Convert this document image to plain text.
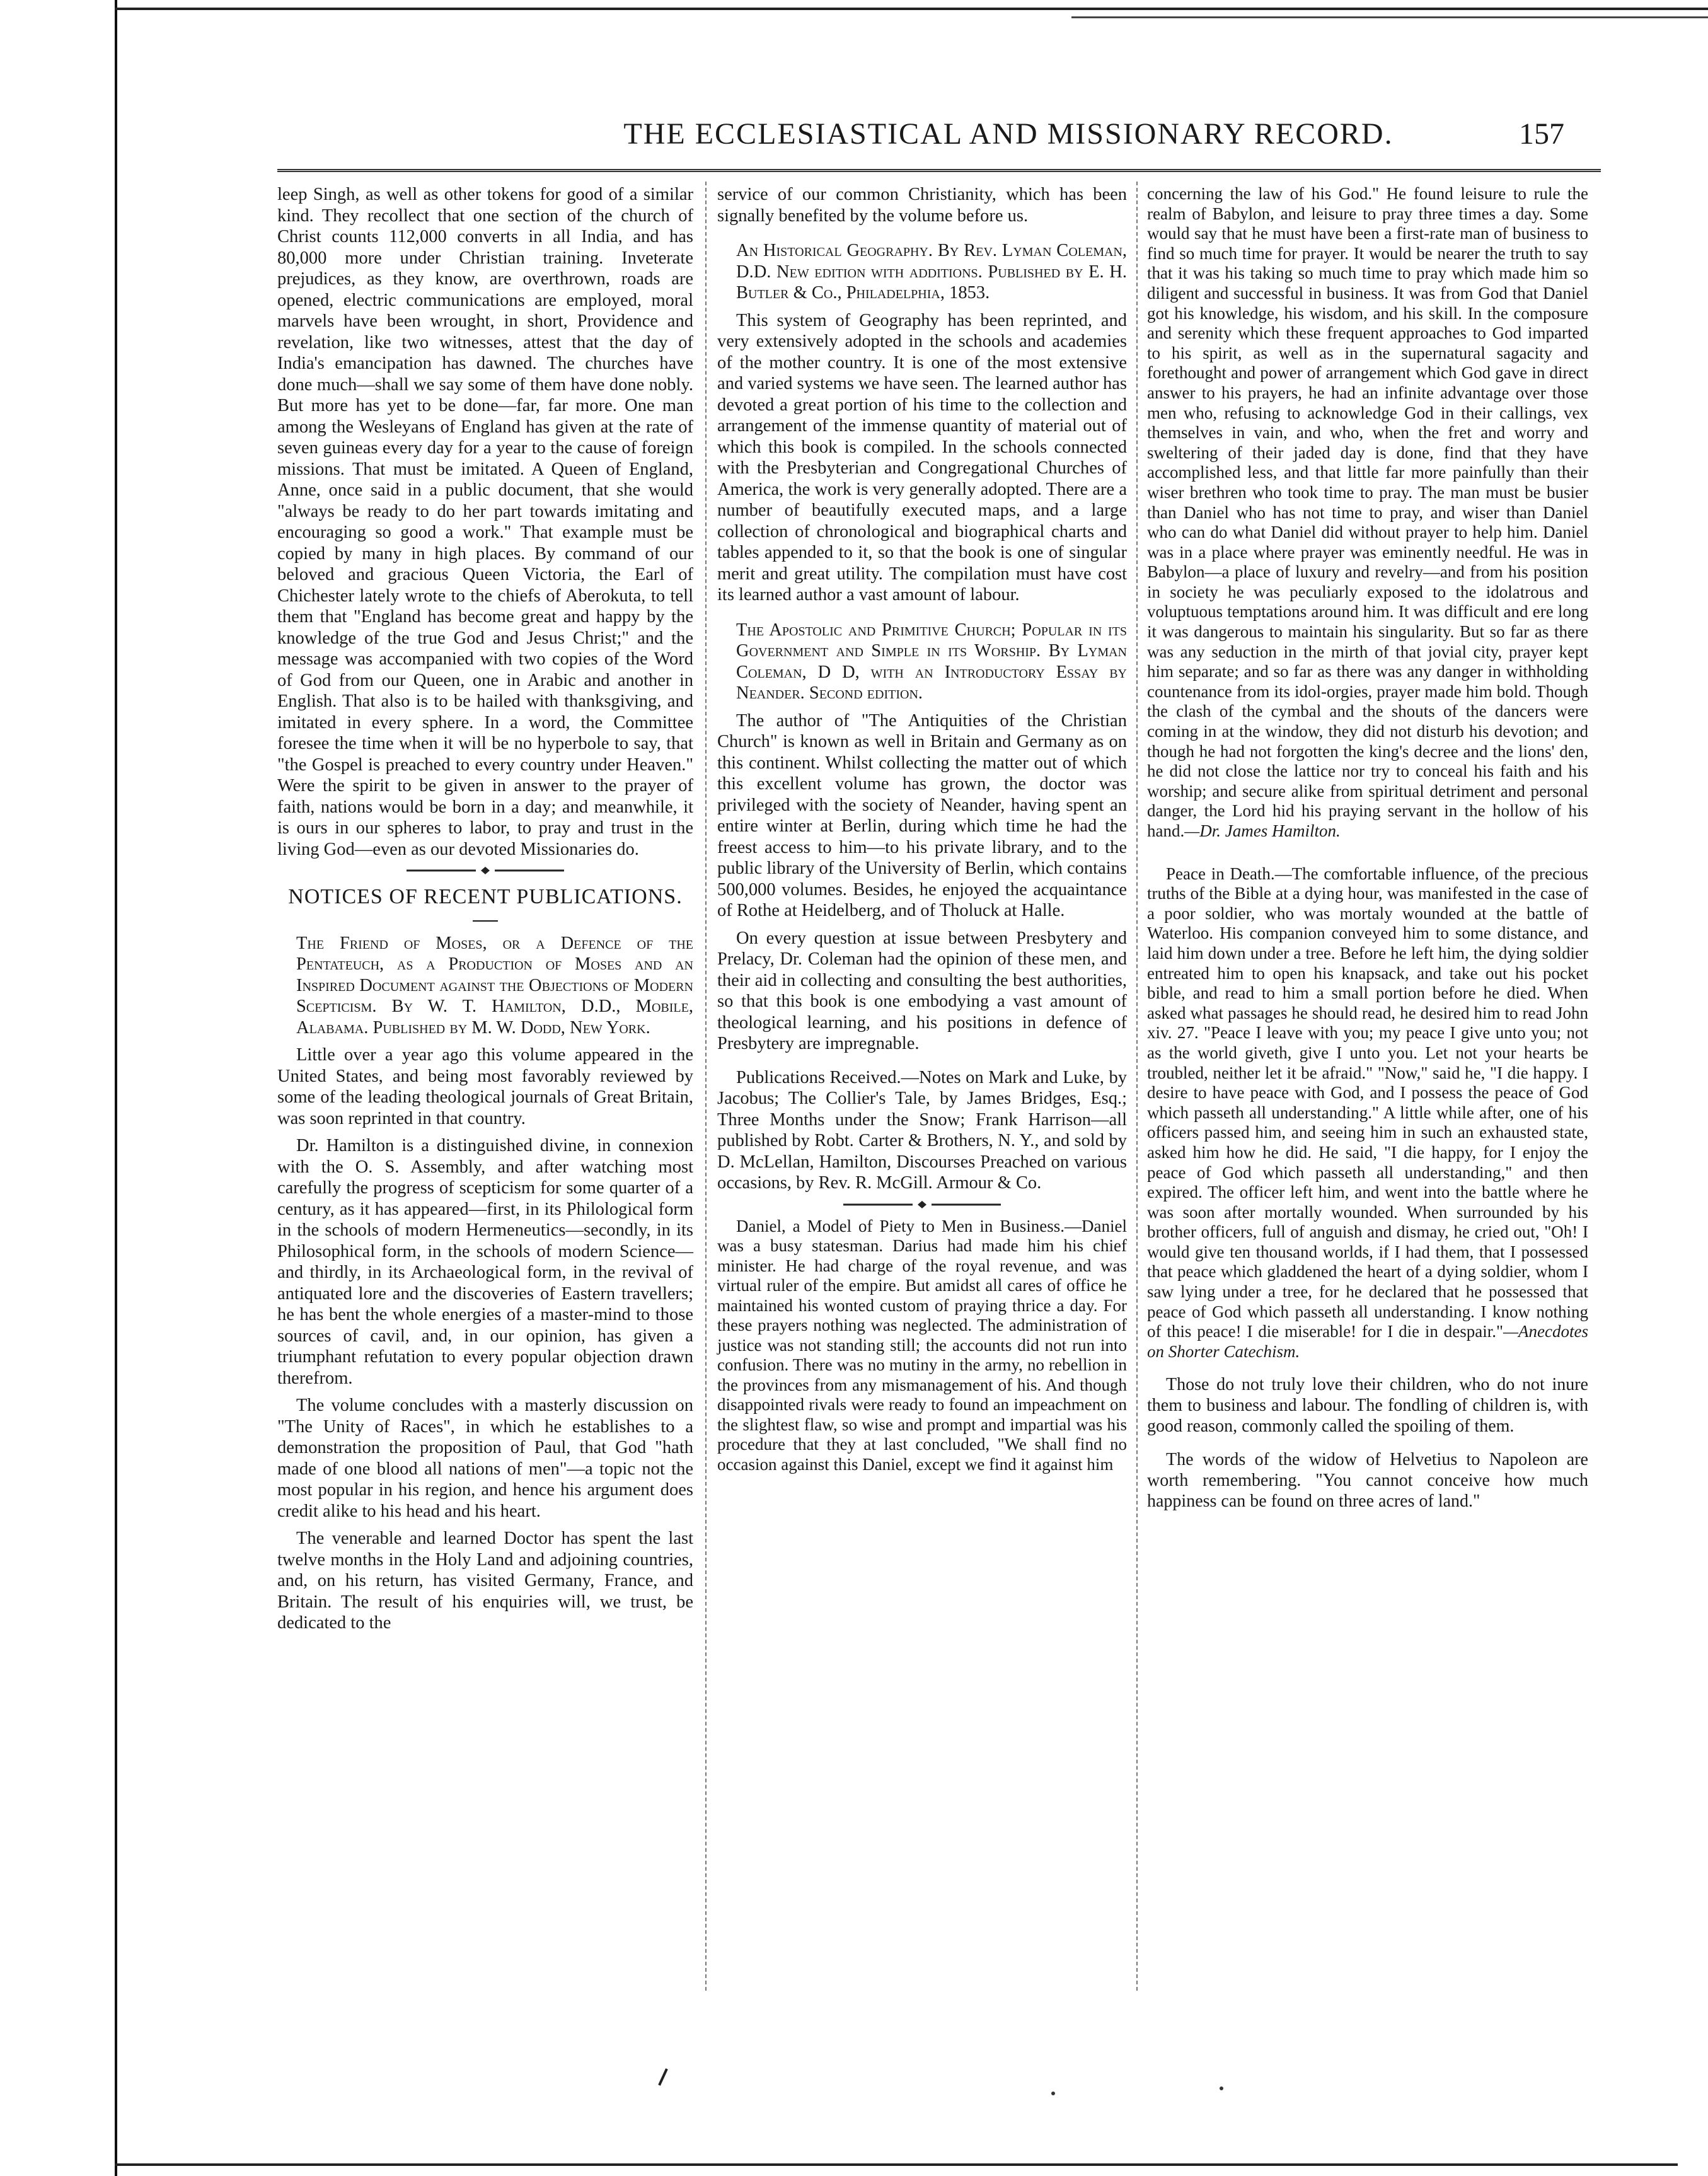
THE ECCLESIASTICAL AND MISSIONARY RECORD.	157

leep Singh, as well as other tokens for good of a similar kind. They recollect that one section of the church of Christ counts 112,000 converts in all India, and has 80,000 more under Christian training. Inveterate prejudices, as they know, are overthrown, roads are opened, electric communications are employed, moral marvels have been wrought, in short, Providence and revelation, like two witnesses, attest that the day of India's emancipation has dawned. The churches have done much—shall we say some of them have done nobly. But more has yet to be done—far, far more. One man among the Wesleyans of England has given at the rate of seven guineas every day for a year to the cause of foreign missions. That must be imitated. A Queen of England, Anne, once said in a public document, that she would "always be ready to do her part towards imitating and encouraging so good a work." That example must be copied by many in high places. By command of our beloved and gracious Queen Victoria, the Earl of Chichester lately wrote to the chiefs of Aberokuta, to tell them that "England has become great and happy by the knowledge of the true God and Jesus Christ;" and the message was accompanied with two copies of the Word of God from our Queen, one in Arabic and another in English. That also is to be hailed with thanksgiving, and imitated in every sphere. In a word, the Committee foresee the time when it will be no hyperbole to say, that "the Gospel is preached to every country under Heaven." Were the spirit to be given in answer to the prayer of faith, nations would be born in a day; and meanwhile, it is ours in our spheres to labor, to pray and trust in the living God—even as our devoted Missionaries do.

NOTICES OF RECENT PUBLICATIONS.

The Friend of Moses, or a Defence of the Pentateuch, as a Production of Moses and an Inspired Document against the Objections of Modern Scepticism. By W. T. Hamilton, D.D., Mobile, Alabama. Published by M. W. Dodd, New York.

Little over a year ago this volume appeared in the United States, and being most favorably reviewed by some of the leading theological journals of Great Britain, was soon reprinted in that country.

Dr. Hamilton is a distinguished divine, in connexion with the O. S. Assembly, and after watching most carefully the progress of scepticism for some quarter of a century, as it has appeared—first, in its Philological form in the schools of modern Hermeneutics—secondly, in its Philosophical form, in the schools of modern Science—and thirdly, in its Archaeological form, in the revival of antiquated lore and the discoveries of Eastern travellers; he has bent the whole energies of a master-mind to those sources of cavil, and, in our opinion, has given a triumphant refutation to every popular objection drawn therefrom.

The volume concludes with a masterly discussion on "The Unity of Races", in which he establishes to a demonstration the proposition of Paul, that God "hath made of one blood all nations of men"—a topic not the most popular in his region, and hence his argument does credit alike to his head and his heart.

The venerable and learned Doctor has spent the last twelve months in the Holy Land and adjoining countries, and, on his return, has visited Germany, France, and Britain. The result of his enquiries will, we trust, be dedicated to the

service of our common Christianity, which has been signally benefited by the volume before us.

An Historical Geography. By Rev. Lyman Coleman, D.D. New edition with additions. Published by E. H. Butler & Co., Philadelphia, 1853.

This system of Geography has been reprinted, and very extensively adopted in the schools and academies of the mother country. It is one of the most extensive and varied systems we have seen. The learned author has devoted a great portion of his time to the collection and arrangement of the immense quantity of material out of which this book is compiled. In the schools connected with the Presbyterian and Congregational Churches of America, the work is very generally adopted. There are a number of beautifully executed maps, and a large collection of chronological and biographical charts and tables appended to it, so that the book is one of singular merit and great utility. The compilation must have cost its learned author a vast amount of labour.

The Apostolic and Primitive Church; Popular in its Government and Simple in its Worship. By Lyman Coleman, D D, with an Introductory Essay by Neander. Second edition.

The author of "The Antiquities of the Christian Church" is known as well in Britain and Germany as on this continent. Whilst collecting the matter out of which this excellent volume has grown, the doctor was privileged with the society of Neander, having spent an entire winter at Berlin, during which time he had the freest access to him—to his private library, and to the public library of the University of Berlin, which contains 500,000 volumes. Besides, he enjoyed the acquaintance of Rothe at Heidelberg, and of Tholuck at Halle.

On every question at issue between Presbytery and Prelacy, Dr. Coleman had the opinion of these men, and their aid in collecting and consulting the best authorities, so that this book is one embodying a vast amount of theological learning, and his positions in defence of Presbytery are impregnable.

Publications Received.—Notes on Mark and Luke, by Jacobus; The Collier's Tale, by James Bridges, Esq.; Three Months under the Snow; Frank Harrison—all published by Robt. Carter & Brothers, N. Y., and sold by D. McLellan, Hamilton, Discourses Preached on various occasions, by Rev. R. McGill. Armour & Co.

Daniel, a Model of Piety to Men in Business.—Daniel was a busy statesman. Darius had made him his chief minister. He had charge of the royal revenue, and was virtual ruler of the empire. But amidst all cares of office he maintained his wonted custom of praying thrice a day. For these prayers nothing was neglected. The administration of justice was not standing still; the accounts did not run into confusion. There was no mutiny in the army, no rebellion in the provinces from any mismanagement of his. And though disappointed rivals were ready to found an impeachment on the slightest flaw, so wise and prompt and impartial was his procedure that they at last concluded, "We shall find no occasion against this Daniel, except we find it against him

concerning the law of his God." He found leisure to rule the realm of Babylon, and leisure to pray three times a day. Some would say that he must have been a first-rate man of business to find so much time for prayer. It would be nearer the truth to say that it was his taking so much time to pray which made him so diligent and successful in business. It was from God that Daniel got his knowledge, his wisdom, and his skill. In the composure and serenity which these frequent approaches to God imparted to his spirit, as well as in the supernatural sagacity and forethought and power of arrangement which God gave in direct answer to his prayers, he had an infinite advantage over those men who, refusing to acknowledge God in their callings, vex themselves in vain, and who, when the fret and worry and sweltering of their jaded day is done, find that they have accomplished less, and that little far more painfully than their wiser brethren who took time to pray. The man must be busier than Daniel who has not time to pray, and wiser than Daniel who can do what Daniel did without prayer to help him. Daniel was in a place where prayer was eminently needful. He was in Babylon—a place of luxury and revelry—and from his position in society he was peculiarly exposed to the idolatrous and voluptuous temptations around him. It was difficult and ere long it was dangerous to maintain his singularity. But so far as there was any seduction in the mirth of that jovial city, prayer kept him separate; and so far as there was any danger in withholding countenance from its idol-orgies, prayer made him bold. Though the clash of the cymbal and the shouts of the dancers were coming in at the window, they did not disturb his devotion; and though he had not forgotten the king's decree and the lions' den, he did not close the lattice nor try to conceal his faith and his worship; and secure alike from spiritual detriment and personal danger, the Lord hid his praying servant in the hollow of his hand.—Dr. James Hamilton.

Peace in Death.—The comfortable influence, of the precious truths of the Bible at a dying hour, was manifested in the case of a poor soldier, who was mortaly wounded at the battle of Waterloo. His companion conveyed him to some distance, and laid him down under a tree. Before he left him, the dying soldier entreated him to open his knapsack, and take out his pocket bible, and read to him a small portion before he died. When asked what passages he should read, he desired him to read John xiv. 27. "Peace I leave with you; my peace I give unto you; not as the world giveth, give I unto you. Let not your hearts be troubled, neither let it be afraid." "Now," said he, "I die happy. I desire to have peace with God, and I possess the peace of God which passeth all understanding." A little while after, one of his officers passed him, and seeing him in such an exhausted state, asked him how he did. He said, "I die happy, for I enjoy the peace of God which passeth all understanding," and then expired. The officer left him, and went into the battle where he was soon after mortally wounded. When surrounded by his brother officers, full of anguish and dismay, he cried out, "Oh! I would give ten thousand worlds, if I had them, that I possessed that peace which gladdened the heart of a dying soldier, whom I saw lying under a tree, for he declared that he possessed that peace of God which passeth all understanding. I know nothing of this peace! I die miserable! for I die in despair."—Anecdotes on Shorter Catechism.

Those do not truly love their children, who do not inure them to business and labour. The fondling of children is, with good reason, commonly called the spoiling of them.

The words of the widow of Helvetius to Napoleon are worth remembering. "You cannot conceive how much happiness can be found on three acres of land."
